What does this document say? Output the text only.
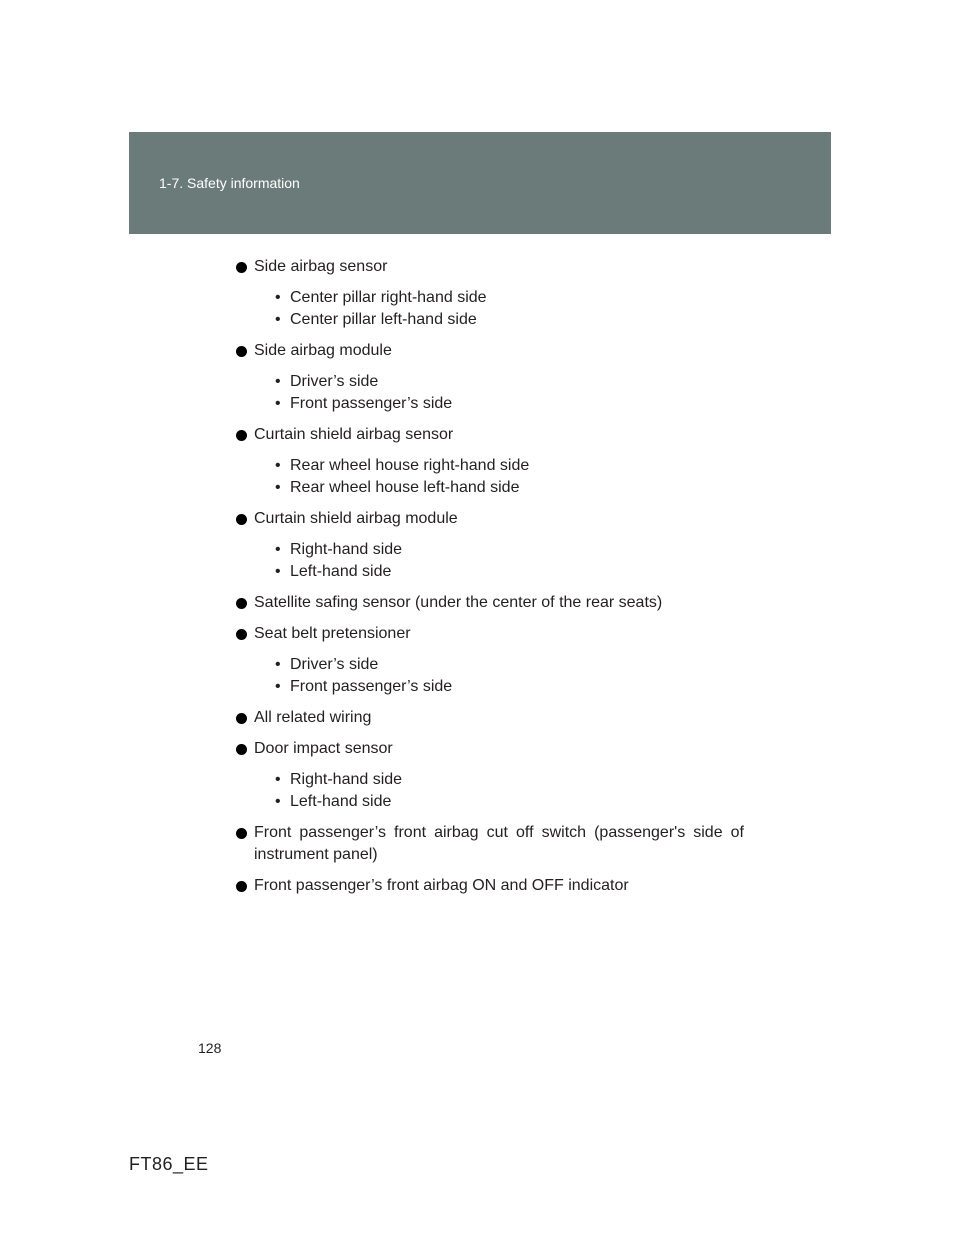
1-7. Safety information
Side airbag sensor
• Center pillar right-hand side
• Center pillar left-hand side
Side airbag module
• Driver’s side
• Front passenger’s side
Curtain shield airbag sensor
• Rear wheel house right-hand side
• Rear wheel house left-hand side
Curtain shield airbag module
• Right-hand side
• Left-hand side
Satellite safing sensor (under the center of the rear seats)
Seat belt pretensioner
• Driver’s side
• Front passenger’s side
All related wiring
Door impact sensor
• Right-hand side
• Left-hand side
Front passenger’s front airbag cut off switch (passenger's side of instrument panel)
Front passenger’s front airbag ON and OFF indicator
128
FT86_EE
